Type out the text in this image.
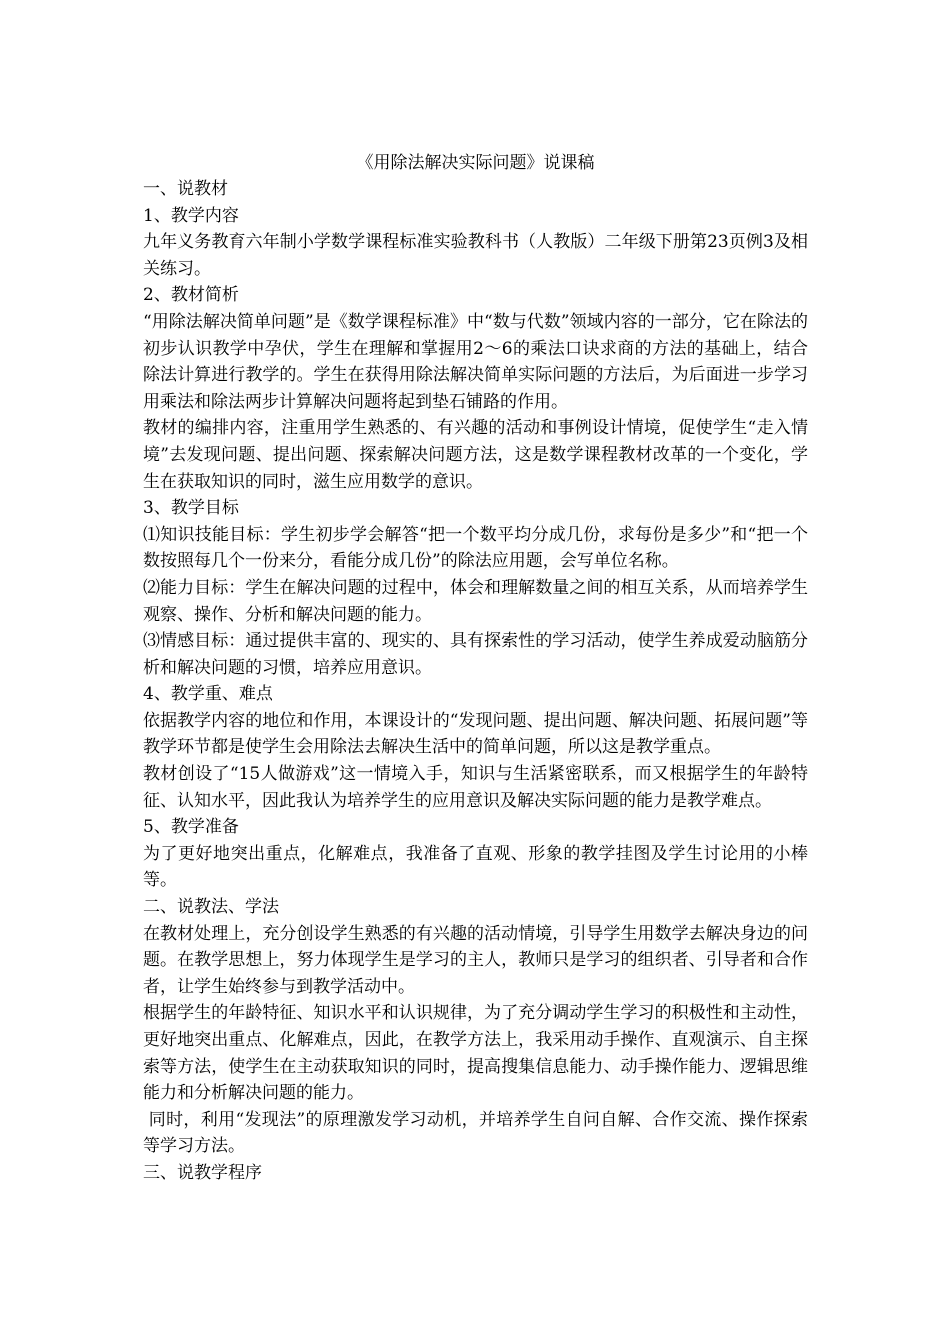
《用除法解决实际问题》说课稿

一、说教材

1、教学内容

九年义务教育六年制小学数学课程标准实验教科书（人教版）二年级下册第23页例3及相关练习。

2、教材简析

“用除法解决简单问题”是《数学课程标准》中“数与代数”领域内容的一部分，它在除法的初步认识教学中孕伏，学生在理解和掌握用2～6的乘法口诀求商的方法的基础上，结合除法计算进行教学的。学生在获得用除法解决简单实际问题的方法后，为后面进一步学习用乘法和除法两步计算解决问题将起到垫石铺路的作用。

教材的编排内容，注重用学生熟悉的、有兴趣的活动和事例设计情境，促使学生“走入情境”去发现问题、提出问题、探索解决问题方法，这是数学课程教材改革的一个变化，学生在获取知识的同时，滋生应用数学的意识。

3、教学目标

⑴知识技能目标：学生初步学会解答“把一个数平均分成几份，求每份是多少”和“把一个数按照每几个一份来分，看能分成几份”的除法应用题，会写单位名称。

⑵能力目标：学生在解决问题的过程中，体会和理解数量之间的相互关系，从而培养学生观察、操作、分析和解决问题的能力。

⑶情感目标：通过提供丰富的、现实的、具有探索性的学习活动，使学生养成爱动脑筋分析和解决问题的习惯，培养应用意识。

4、教学重、难点

依据教学内容的地位和作用，本课设计的“发现问题、提出问题、解决问题、拓展问题”等教学环节都是使学生会用除法去解决生活中的简单问题，所以这是教学重点。

教材创设了“15人做游戏”这一情境入手，知识与生活紧密联系，而又根据学生的年龄特征、认知水平，因此我认为培养学生的应用意识及解决实际问题的能力是教学难点。

5、教学准备

为了更好地突出重点，化解难点，我准备了直观、形象的教学挂图及学生讨论用的小棒等。

二、说教法、学法

在教材处理上，充分创设学生熟悉的有兴趣的活动情境，引导学生用数学去解决身边的问题。在教学思想上，努力体现学生是学习的主人，教师只是学习的组织者、引导者和合作者，让学生始终参与到教学活动中。

根据学生的年龄特征、知识水平和认识规律，为了充分调动学生学习的积极性和主动性，更好地突出重点、化解难点，因此，在教学方法上，我采用动手操作、直观演示、自主探索等方法，使学生在主动获取知识的同时，提高搜集信息能力、动手操作能力、逻辑思维能力和分析解决问题的能力。

同时，利用“发现法”的原理激发学习动机，并培养学生自问自解、合作交流、操作探索等学习方法。

三、说教学程序
